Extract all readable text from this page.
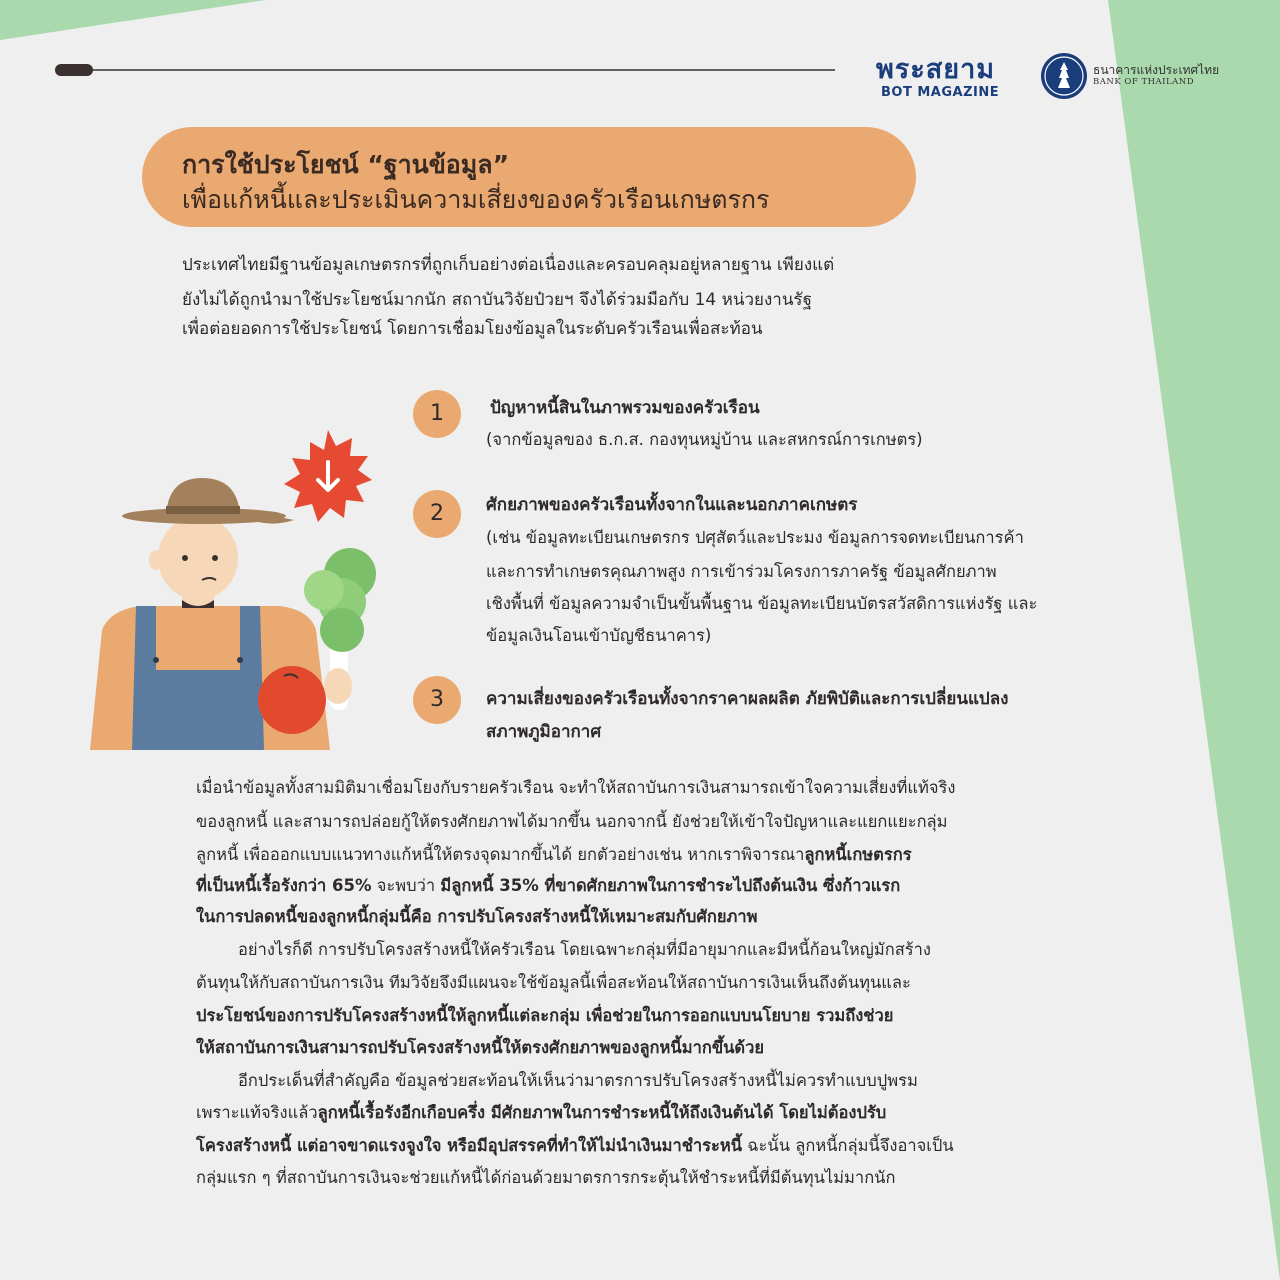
พระสยาม
BOT MAGAZINE
ธนาคารแห่งประเทศไทย
BANK OF THAILAND
การใช้ประโยชน์ “ฐานข้อมูล”
เพื่อแก้หนี้และประเมินความเสี่ยงของครัวเรือนเกษตรกร
ประเทศไทยมีฐานข้อมูลเกษตรกรที่ถูกเก็บอย่างต่อเนื่องและครอบคลุมอยู่หลายฐาน เพียงแต่
ยังไม่ได้ถูกนำมาใช้ประโยชน์มากนัก สถาบันวิจัยป๋วยฯ จึงได้ร่วมมือกับ 14 หน่วยงานรัฐ
เพื่อต่อยอดการใช้ประโยชน์ โดยการเชื่อมโยงข้อมูลในระดับครัวเรือนเพื่อสะท้อน
1	ปัญหาหนี้สินในภาพรวมของครัวเรือน
(จากข้อมูลของ ธ.ก.ส. กองทุนหมู่บ้าน และสหกรณ์การเกษตร)
2	ศักยภาพของครัวเรือนทั้งจากในและนอกภาคเกษตร
(เช่น ข้อมูลทะเบียนเกษตรกร ปศุสัตว์และประมง ข้อมูลการจดทะเบียนการค้า
และการทำเกษตรคุณภาพสูง การเข้าร่วมโครงการภาครัฐ ข้อมูลศักยภาพ
เชิงพื้นที่ ข้อมูลความจำเป็นขั้นพื้นฐาน ข้อมูลทะเบียนบัตรสวัสดิการแห่งรัฐ และ
ข้อมูลเงินโอนเข้าบัญชีธนาคาร)
3	ความเสี่ยงของครัวเรือนทั้งจากราคาผลผลิต ภัยพิบัติและการเปลี่ยนแปลง
สภาพภูมิอากาศ
เมื่อนำข้อมูลทั้งสามมิติมาเชื่อมโยงกับรายครัวเรือน จะทำให้สถาบันการเงินสามารถเข้าใจความเสี่ยงที่แท้จริง
ของลูกหนี้ และสามารถปล่อยกู้ให้ตรงศักยภาพได้มากขึ้น นอกจากนี้ ยังช่วยให้เข้าใจปัญหาและแยกแยะกลุ่ม
ลูกหนี้ เพื่อออกแบบแนวทางแก้หนี้ให้ตรงจุดมากขึ้นได้ ยกตัวอย่างเช่น หากเราพิจารณาลูกหนี้เกษตรกร
ที่เป็นหนี้เรื้อรังกว่า 65% จะพบว่า มีลูกหนี้ 35% ที่ขาดศักยภาพในการชำระไปถึงต้นเงิน ซึ่งก้าวแรก
ในการปลดหนี้ของลูกหนี้กลุ่มนี้คือ การปรับโครงสร้างหนี้ให้เหมาะสมกับศักยภาพ
อย่างไรก็ดี การปรับโครงสร้างหนี้ให้ครัวเรือน โดยเฉพาะกลุ่มที่มีอายุมากและมีหนี้ก้อนใหญ่มักสร้าง
ต้นทุนให้กับสถาบันการเงิน ทีมวิจัยจึงมีแผนจะใช้ข้อมูลนี้เพื่อสะท้อนให้สถาบันการเงินเห็นถึงต้นทุนและ
ประโยชน์ของการปรับโครงสร้างหนี้ให้ลูกหนี้แต่ละกลุ่ม เพื่อช่วยในการออกแบบนโยบาย รวมถึงช่วย
ให้สถาบันการเงินสามารถปรับโครงสร้างหนี้ให้ตรงศักยภาพของลูกหนี้มากขึ้นด้วย
อีกประเด็นที่สำคัญคือ ข้อมูลช่วยสะท้อนให้เห็นว่ามาตรการปรับโครงสร้างหนี้ไม่ควรทำแบบปูพรม
เพราะแท้จริงแล้วลูกหนี้เรื้อรังอีกเกือบครึ่ง มีศักยภาพในการชำระหนี้ให้ถึงเงินต้นได้ โดยไม่ต้องปรับ
โครงสร้างหนี้ แต่อาจขาดแรงจูงใจ หรือมีอุปสรรคที่ทำให้ไม่นำเงินมาชำระหนี้ ฉะนั้น ลูกหนี้กลุ่มนี้จึงอาจเป็น
กลุ่มแรก ๆ ที่สถาบันการเงินจะช่วยแก้หนี้ได้ก่อนด้วยมาตรการกระตุ้นให้ชำระหนี้ที่มีต้นทุนไม่มากนัก
